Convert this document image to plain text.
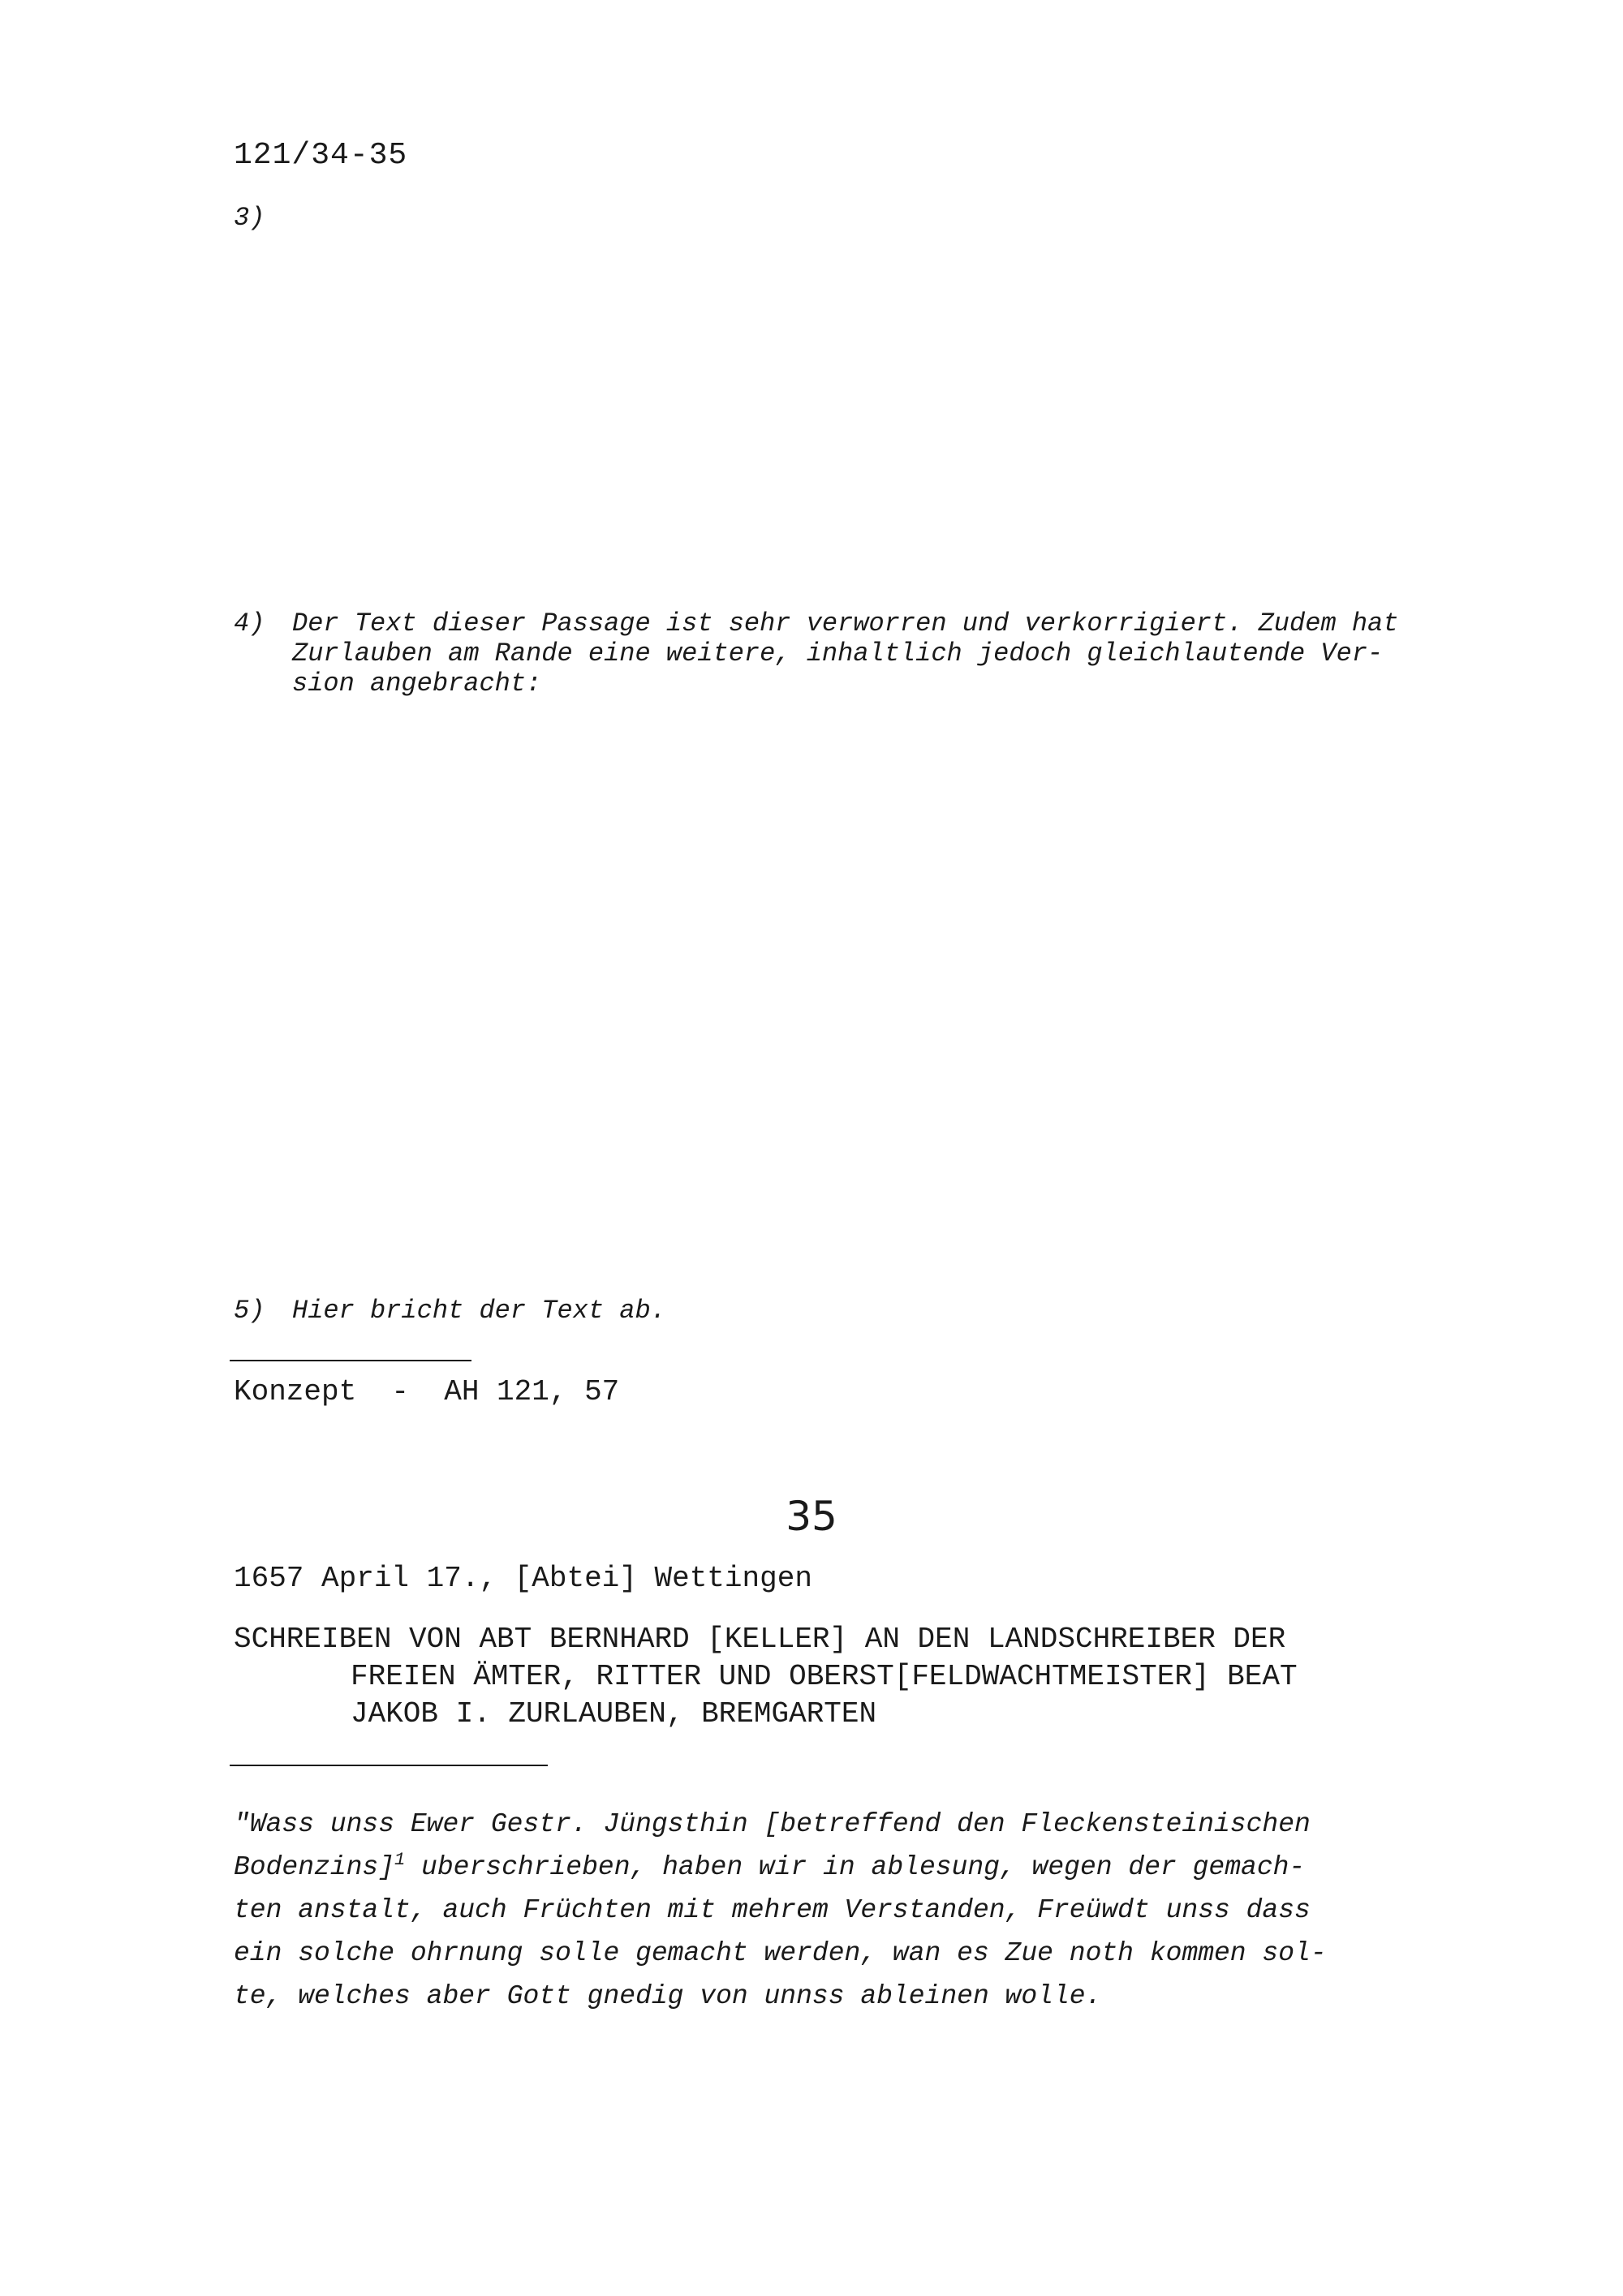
121/34-35
3)
4) Der Text dieser Passage ist sehr verworren und verkorrigiert. Zudem hat
Zurlauben am Rande eine weitere, inhaltlich jedoch gleichlautende Ver-
sion angebracht:
5) Hier bricht der Text ab.
Konzept  -  AH 121, 57
35
1657 April 17., [Abtei] Wettingen
SCHREIBEN VON ABT BERNHARD [KELLER] AN DEN LANDSCHREIBER DER
FREIEN ÄMTER, RITTER UND OBERST[FELDWACHTMEISTER] BEAT
JAKOB I. ZURLAUBEN, BREMGARTEN
"Wass unss Ewer Gestr. Jüngsthin [betreffend den Fleckensteinischen
Bodenzins]$^1$ uberschrieben, haben wir in ablesung, wegen der gemach-
ten anstalt, auch Früchten mit mehrem Verstanden, Freüwdt unss dass
ein solche ohrnung solle gemacht werden, wan es Zue noth kommen sol-
te, welches aber Gott gnedig von unnss ableinen wolle.
